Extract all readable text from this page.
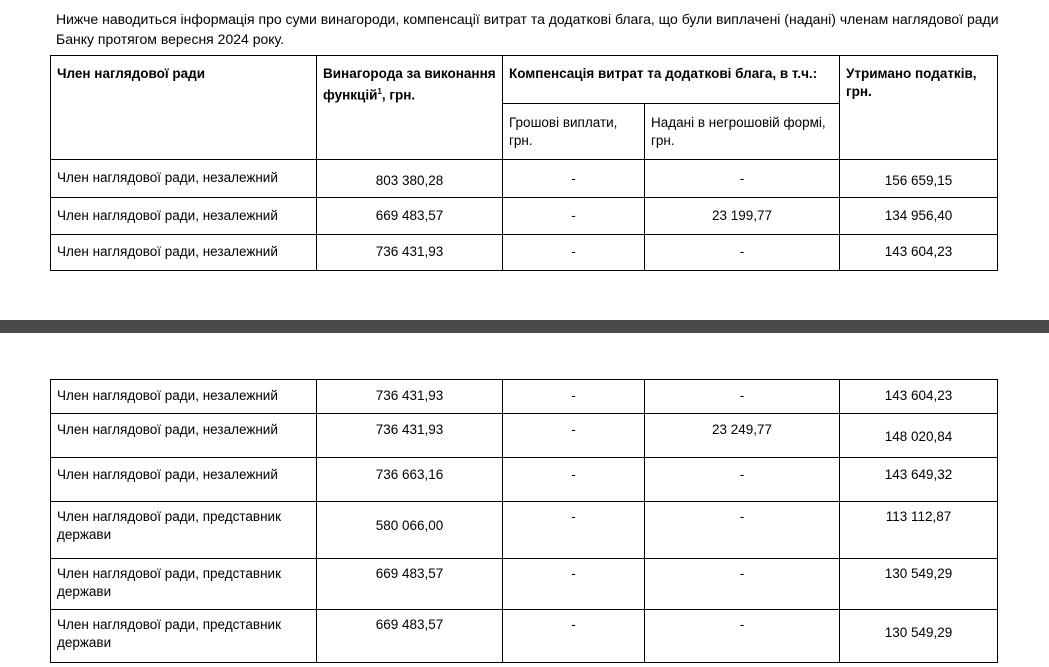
Нижче наводиться інформація про суми винагороди, компенсації витрат та додаткові блага, що були виплачені (надані) членам наглядової ради Банку протягом вересня 2024 року.
Член наглядової ради	Винагорода за виконання функцій$^1$, грн.	Компенсація витрат та додаткові блага, в т.ч.:		Утримано податків, грн.
		Грошові виплати, грн.	Надані в негрошовій формі, грн.	
Член наглядової ради, незалежний	803 380,28	-	-	156 659,15
Член наглядової ради, незалежний	669 483,57	-	23 199,77	134 956,40
Член наглядової ради, незалежний	736 431,93	-	-	143 604,23
Член наглядової ради, незалежний	736 431,93	-	-	143 604,23
Член наглядової ради, незалежний	736 431,93	-	23 249,77	148 020,84
Член наглядової ради, незалежний	736 663,16	-	-	143 649,32
Член наглядової ради, представник держави	580 066,00	-	-	113 112,87
Член наглядової ради, представник держави	669 483,57	-	-	130 549,29
Член наглядової ради, представник держави	669 483,57	-	-	130 549,29
